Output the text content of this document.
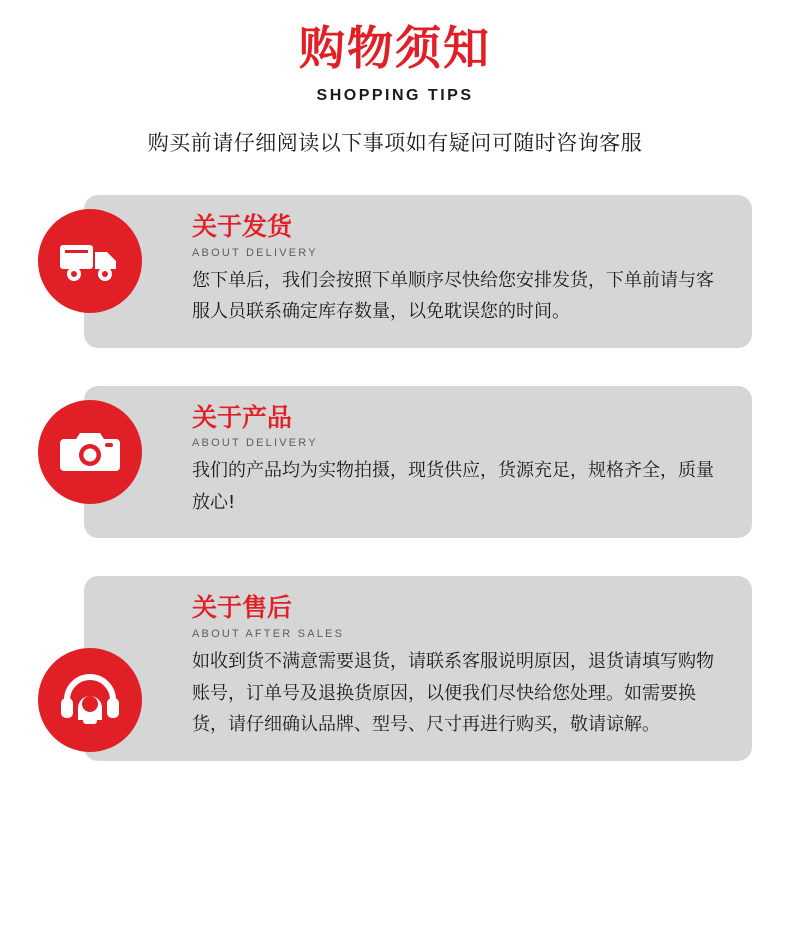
购物须知
SHOPPING TIPS
购买前请仔细阅读以下事项如有疑问可随时咨询客服
关于发货
ABOUT DELIVERY
您下单后，我们会按照下单顺序尽快给您安排发货，下单前请与客服人员联系确定库存数量，以免耽误您的时间。
关于产品
ABOUT DELIVERY
我们的产品均为实物拍摄，现货供应，货源充足，规格齐全，质量放心!
关于售后
ABOUT AFTER SALES
如收到货不满意需要退货，请联系客服说明原因，退货请填写购物账号，订单号及退换货原因，以便我们尽快给您处理。如需要换货，请仔细确认品牌、型号、尺寸再进行购买，敬请谅解。
